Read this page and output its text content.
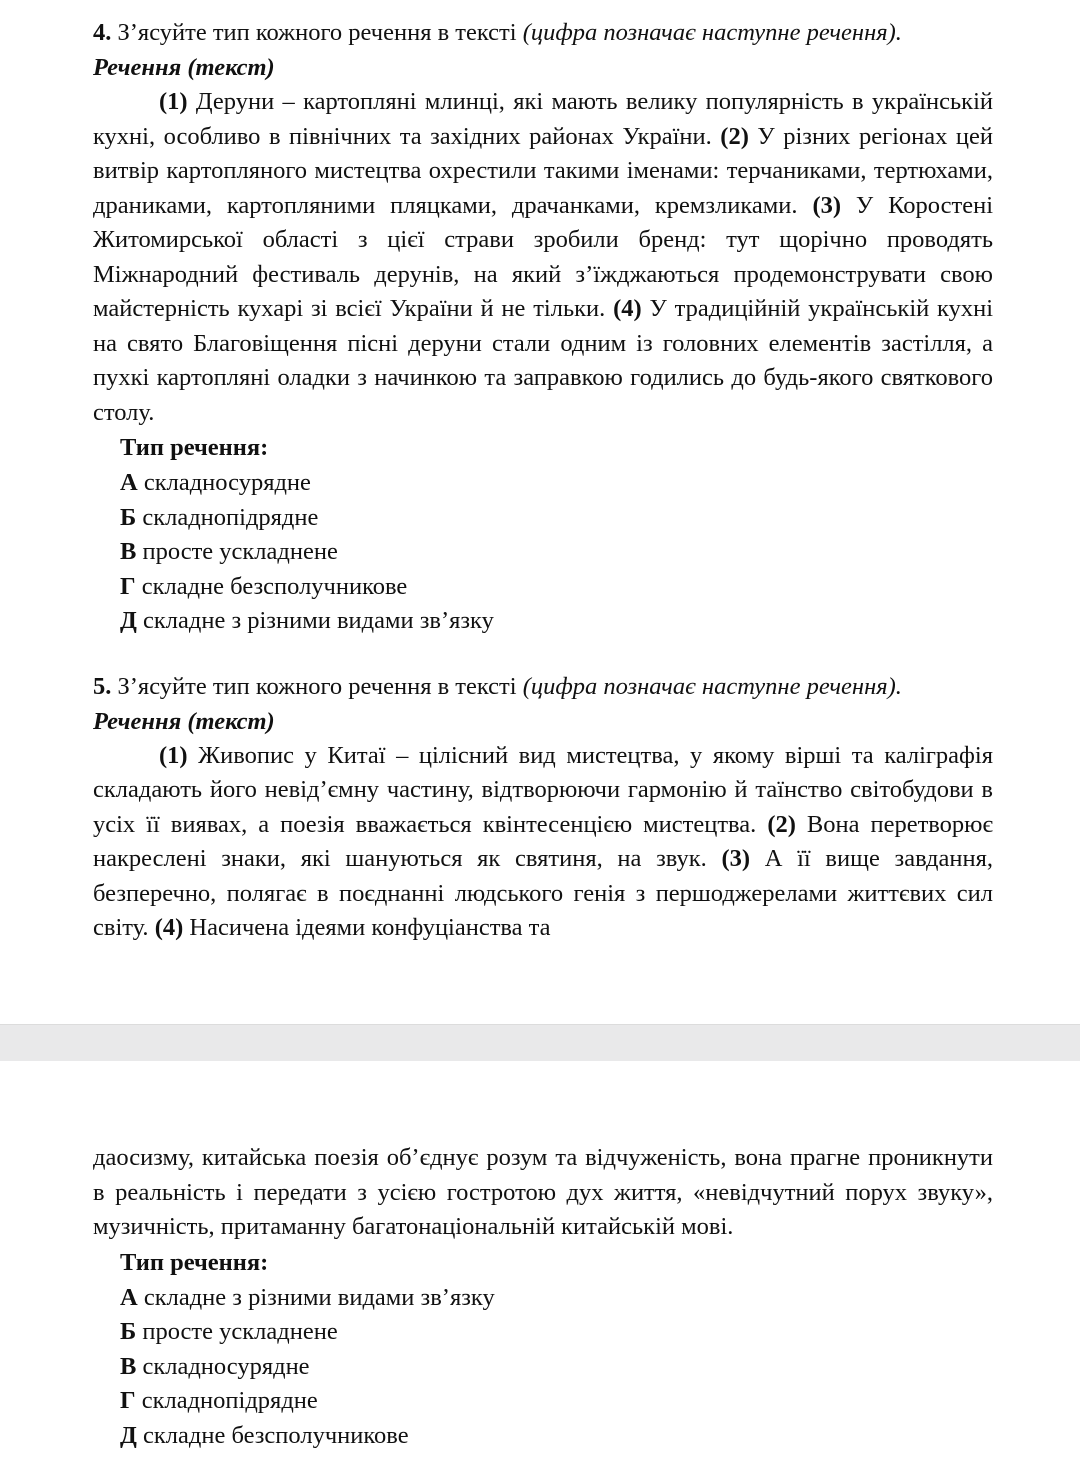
4. З’ясуйте тип кожного речення в тексті (цифра позначає наступне речення).
Речення (текст)
(1) Деруни – картопляні млинці, які мають велику популярність в українській кухні, особливо в північних та західних районах України. (2) У різних регіонах цей витвір картопляного мистецтва охрестили такими іменами: терчаниками, тертюхами, драниками, картопляними пляцками, драчанками, кремзликами. (3) У Коростені Житомирської області з цієї страви зробили бренд: тут щорічно проводять Міжнародний фестиваль дерунів, на який з’їжджаються продемонструвати свою майстерність кухарі зі всієї України й не тільки. (4) У традиційній українській кухні на свято Благовіщення пісні деруни стали одним із головних елементів застілля, а пухкі картопляні оладки з начинкою та заправкою годились до будь-якого святкового столу.
Тип речення:
А складносурядне
Б складнопідрядне
В просте ускладнене
Г складне безсполучникове
Д складне з різними видами зв’язку
5. З’ясуйте тип кожного речення в тексті (цифра позначає наступне речення).
Речення (текст)
(1) Живопис у Китаї – цілісний вид мистецтва, у якому вірші та каліграфія складають його невід’ємну частину, відтворюючи гармонію й таїнство світобудови в усіх її виявах, а поезія вважається квінтесенцією мистецтва. (2) Вона перетворює накреслені знаки, які шануються як святиня, на звук. (3) А її вище завдання, безперечно, полягає в поєднанні людського генія з першоджерелами життєвих сил світу. (4) Насичена ідеями конфуціанства та
даосизму, китайська поезія об’єднує розум та відчуженість, вона прагне проникнути в реальність і передати з усією гостротою дух життя, «невідчутний порух звуку», музичність, притаманну багатонаціональній китайській мові.
Тип речення:
А складне з різними видами зв’язку
Б просте ускладнене
В складносурядне
Г складнопідрядне
Д складне безсполучникове
